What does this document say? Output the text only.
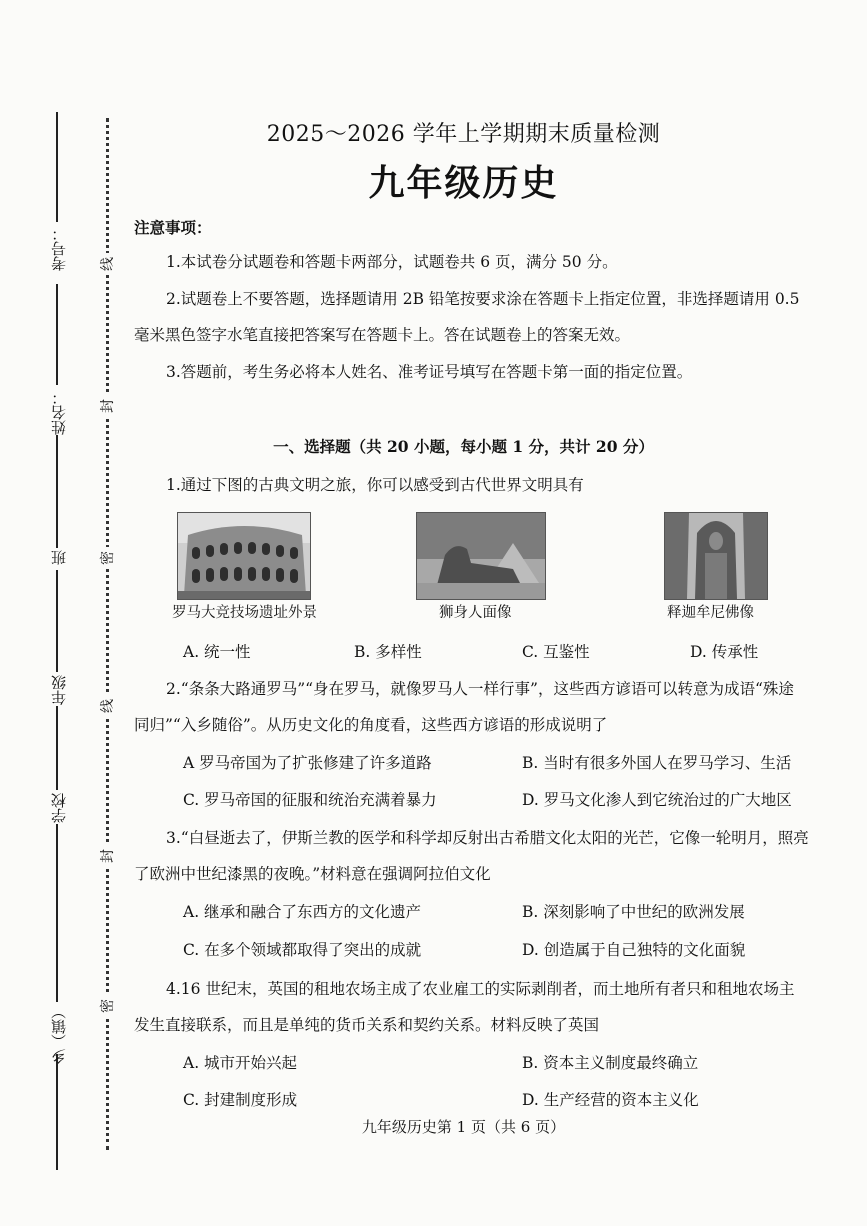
考号：
姓名：
班
年级
学校
乡（镇）
线
封
密
线
封
密
2025～2026 学年上学期期末质量检测
九年级历史
注意事项：
1.本试卷分试题卷和答题卡两部分，试题卷共 6 页，满分 50 分。
2.试题卷上不要答题，选择题请用 2B 铅笔按要求涂在答题卡上指定位置，非选择题请用 0.5
毫米黑色签字水笔直接把答案写在答题卡上。答在试题卷上的答案无效。
3.答题前，考生务必将本人姓名、准考证号填写在答题卡第一面的指定位置。
一、选择题（共 20 小题，每小题 1 分，共计 20 分）
1.通过下图的古典文明之旅，你可以感受到古代世界文明具有
罗马大竞技场遗址外景	狮身人面像	释迦牟尼佛像
A. 统一性	B. 多样性	C. 互鉴性	D. 传承性
2.“条条大路通罗马”“身在罗马，就像罗马人一样行事”，这些西方谚语可以转意为成语“殊途
同归”“入乡随俗”。从历史文化的角度看，这些西方谚语的形成说明了
A 罗马帝国为了扩张修建了许多道路	B. 当时有很多外国人在罗马学习、生活
C. 罗马帝国的征服和统治充满着暴力	D. 罗马文化渗人到它统治过的广大地区
3.“白昼逝去了，伊斯兰教的医学和科学却反射出古希腊文化太阳的光芒，它像一轮明月，照亮
了欧洲中世纪漆黑的夜晚。”材料意在强调阿拉伯文化
A. 继承和融合了东西方的文化遗产	B. 深刻影响了中世纪的欧洲发展
C. 在多个领域都取得了突出的成就	D. 创造属于自己独特的文化面貌
4.16 世纪末，英国的租地农场主成了农业雇工的实际剥削者，而土地所有者只和租地农场主
发生直接联系，而且是单纯的货币关系和契约关系。材料反映了英国
A. 城市开始兴起	B. 资本主义制度最终确立
C. 封建制度形成	D. 生产经营的资本主义化
九年级历史第 1 页（共 6 页）
